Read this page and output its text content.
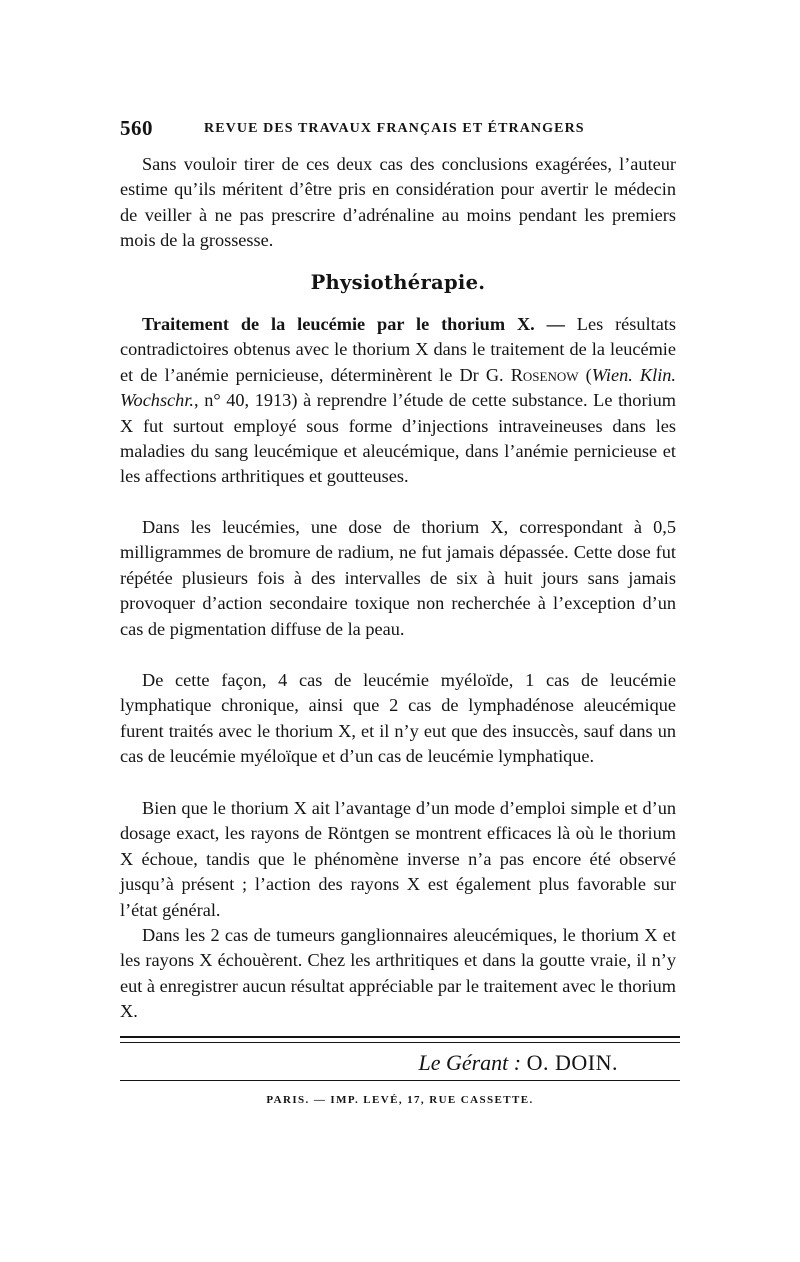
560	REVUE DES TRAVAUX FRANÇAIS ET ÉTRANGERS

Sans vouloir tirer de ces deux cas des conclusions exagérées, l’auteur estime qu’ils méritent d’être pris en considération pour avertir le médecin de veiller à ne pas prescrire d’adrénaline au moins pendant les premiers mois de la grossesse.

Physiothérapie.

Traitement de la leucémie par le thorium X. — Les résultats contradictoires obtenus avec le thorium X dans le traitement de la leucémie et de l’anémie pernicieuse, déterminèrent le Dr G. Rosenow (Wien. Klin. Wochschr., n° 40, 1913) à reprendre l’étude de cette substance. Le thorium X fut surtout employé sous forme d’injections intraveineuses dans les maladies du sang leucémique et aleucémique, dans l’anémie pernicieuse et les affections arthritiques et goutteuses.

Dans les leucémies, une dose de thorium X, correspondant à 0,5 milligrammes de bromure de radium, ne fut jamais dépassée. Cette dose fut répétée plusieurs fois à des intervalles de six à huit jours sans jamais provoquer d’action secondaire toxique non recherchée à l’exception d’un cas de pigmentation diffuse de la peau.

De cette façon, 4 cas de leucémie myéloïde, 1 cas de leucémie lymphatique chronique, ainsi que 2 cas de lymphadénose aleucémique furent traités avec le thorium X, et il n’y eut que des insuccès, sauf dans un cas de leucémie myéloïque et d’un cas de leucémie lymphatique.

Bien que le thorium X ait l’avantage d’un mode d’emploi simple et d’un dosage exact, les rayons de Röntgen se montrent efficaces là où le thorium X échoue, tandis que le phénomène inverse n’a pas encore été observé jusqu’à présent ; l’action des rayons X est également plus favorable sur l’état général.

Dans les 2 cas de tumeurs ganglionnaires aleucémiques, le thorium X et les rayons X échouèrent. Chez les arthritiques et dans la goutte vraie, il n’y eut à enregistrer aucun résultat appréciable par le traitement avec le thorium X.

Le Gérant : O. DOIN.
PARIS. — IMP. LEVÉ, 17, RUE CASSETTE.
